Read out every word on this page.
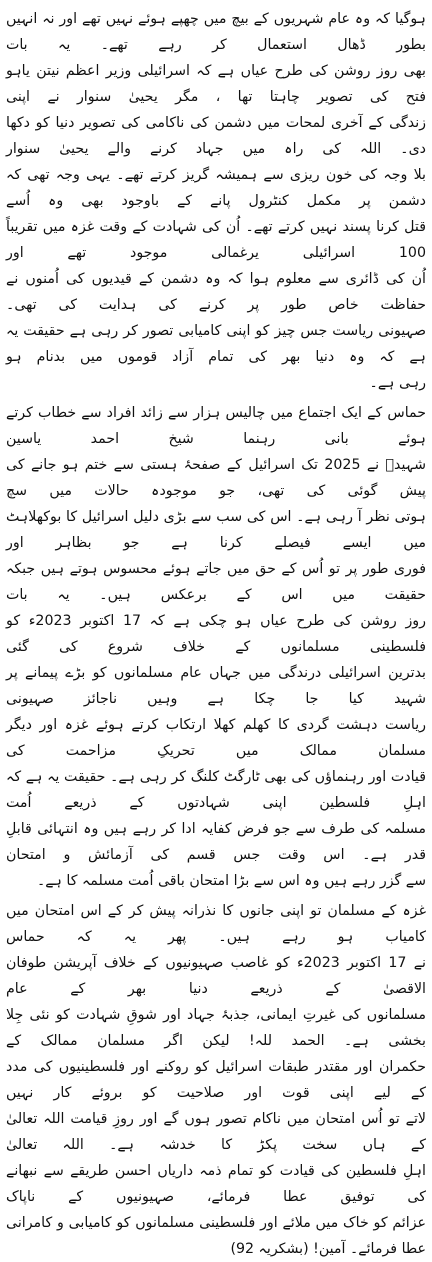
ہوگیا کہ وہ عام شہریوں کے بیچ میں چھپے ہوئے نہیں تھے اور نہ انہیں بطور ڈھال استعمال کر رہے تھے۔ یہ بات
بھی روز روشن کی طرح عیاں ہے کہ اسرائیلی وزیر اعظم نیتن یاہو فتح کی تصویر چاہتا تھا ، مگر یحییٰ سنوار نے اپنی
زندگی کے آخری لمحات میں دشمن کی ناکامی کی تصویر دنیا کو دکھا دی۔ اللہ کی راہ میں جہاد کرنے والے یحییٰ سنوار
بلا وجہ کی خون ریزی سے ہمیشہ گریز کرتے تھے۔ یہی وجہ تھی کہ دشمن پر مکمل کنٹرول پانے کے باوجود بھی وہ اُسے
قتل کرنا پسند نہیں کرتے تھے۔ اُن کی شہادت کے وقت غزہ میں تقریباً 100 اسرائیلی یرغمالی موجود تھے اور
اُن کی ڈائری سے معلوم ہوا کہ وہ دشمن کے قیدیوں کی اُمنوں نے حفاظت خاص طور پر کرنے کی ہدایت کی تھی۔
صہیونی ریاست جس چیز کو اپنی کامیابی تصور کر رہی ہے حقیقت یہ ہے کہ وہ دنیا بھر کی تمام آزاد قوموں میں بدنام ہو
رہی ہے۔

حماس کے ایک اجتماع میں چالیس ہزار سے زائد افراد سے خطاب کرتے ہوئے بانی رہنما شیخ احمد یاسین
شہیدؒ نے 2025 تک اسرائیل کے صفحۂ ہستی سے ختم ہو جانے کی پیش گوئی کی تھی، جو موجودہ حالات میں سچ
ہوتی نظر آ رہی ہے۔ اس کی سب سے بڑی دلیل اسرائیل کا بوکھلاہٹ میں ایسے فیصلے کرنا ہے جو بظاہر اور
فوری طور پر تو اُس کے حق میں جاتے ہوئے محسوس ہوتے ہیں جبکہ حقیقت میں اس کے برعکس ہیں۔ یہ بات
روز روشن کی طرح عیاں ہو چکی ہے کہ 17 اکتوبر 2023ء کو فلسطینی مسلمانوں کے خلاف شروع کی گئی
بدترین اسرائیلی درندگی میں جہاں عام مسلمانوں کو بڑے پیمانے پر شہید کیا جا چکا ہے وہیں ناجائز صہیونی
ریاست دہشت گردی کا کھلم کھلا ارتکاب کرتے ہوئے غزہ اور دیگر مسلمان ممالک میں تحریکِ مزاحمت کی
قیادت اور رہنماؤں کی بھی ٹارگٹ کلنگ کر رہی ہے۔ حقیقت یہ ہے کہ اہلِ فلسطین اپنی شہادتوں کے ذریعے اُمت
مسلمہ کی طرف سے جو فرض کفایہ ادا کر رہے ہیں وہ انتہائی قابلِ قدر ہے۔ اس وقت جس قسم کی آزمائش و امتحان
سے گزر رہے ہیں وہ اس سے بڑا امتحان باقی اُمت مسلمہ کا ہے۔

غزہ کے مسلمان تو اپنی جانوں کا نذرانہ پیش کر کے اس امتحان میں کامیاب ہو رہے ہیں۔ پھر یہ کہ حماس
نے 17 اکتوبر 2023ء کو غاصب صہیونیوں کے خلاف آپریشن طوفان الاقصیٰ کے ذریعے دنیا بھر کے عام
مسلمانوں کی غیرتِ ایمانی، جذبۂ جہاد اور شوقِ شہادت کو نئی جِلا بخشی ہے۔ الحمد للہ! لیکن اگر مسلمان ممالک کے
حکمران اور مقتدر طبقات اسرائیل کو روکنے اور فلسطینیوں کی مدد کے لیے اپنی قوت اور صلاحیت کو بروئے کار نہیں
لاتے تو اُس امتحان میں ناکام تصور ہوں گے اور روزِ قیامت اللہ تعالیٰ کے ہاں سخت پکڑ کا خدشہ ہے۔ اللہ تعالیٰ
اہلِ فلسطین کی قیادت کو تمام ذمہ داریاں احسن طریقے سے نبھانے کی توفیق عطا فرمائے، صہیونیوں کے ناپاک
عزائم کو خاک میں ملائے اور فلسطینی مسلمانوں کو کامیابی و کامرانی عطا فرمائے۔ آمین! (بشکریہ 92)
